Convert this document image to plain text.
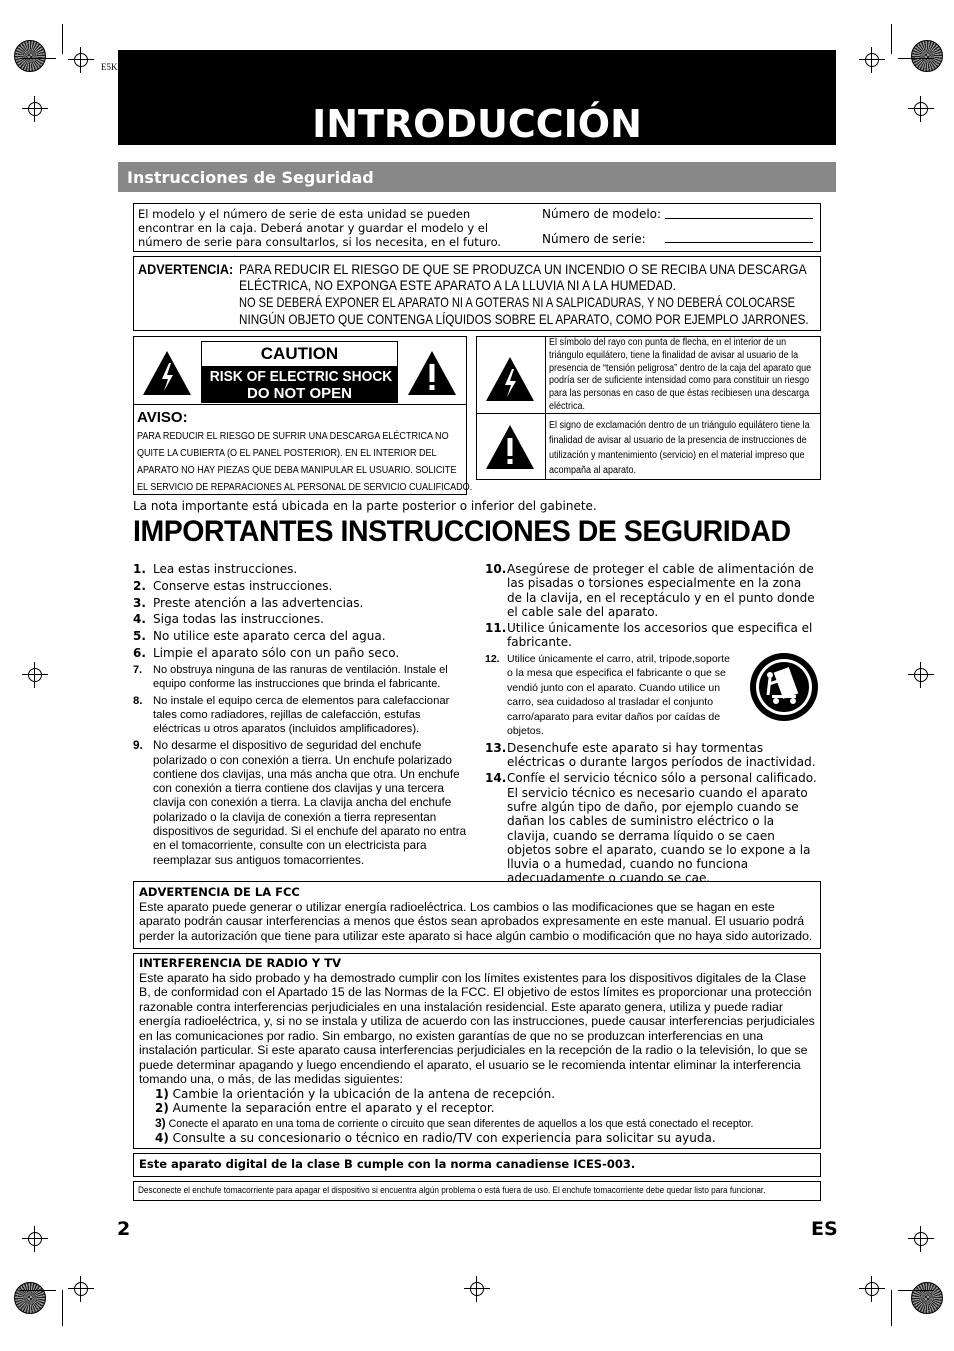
E5K
INTRODUCCIÓN
Instrucciones de Seguridad
El modelo y el número de serie de esta unidad se pueden encontrar en la caja. Deberá anotar y guardar el modelo y el número de serie para consultarlos, si los necesita, en el futuro.
Número de modelo:
Número de serie:
ADVERTENCIA: PARA REDUCIR EL RIESGO DE QUE SE PRODUZCA UN INCENDIO O SE RECIBA UNA DESCARGA
ELÉCTRICA, NO EXPONGA ESTE APARATO A LA LLUVIA NI A LA HUMEDAD.
NO SE DEBERÁ EXPONER EL APARATO NI A GOTERAS NI A SALPICADURAS, Y NO DEBERÁ COLOCARSE
NINGÚN OBJETO QUE CONTENGA LÍQUIDOS SOBRE EL APARATO, COMO POR EJEMPLO JARRONES.
CAUTION
RISK OF ELECTRIC SHOCK
DO NOT OPEN
AVISO:
PARA REDUCIR EL RIESGO DE SUFRIR UNA DESCARGA ELÉCTRICA NO
QUITE LA CUBIERTA (O EL PANEL POSTERIOR). EN EL INTERIOR DEL
APARATO NO HAY PIEZAS QUE DEBA MANIPULAR EL USUARIO. SOLICITE
EL SERVICIO DE REPARACIONES AL PERSONAL DE SERVICIO CUALIFICADO.
El símbolo del rayo con punta de flecha, en el interior de un triángulo equilátero, tiene la finalidad de avisar al usuario de la presencia de “tensión peligrosa” dentro de la caja del aparato que podría ser de suficiente intensidad como para constituir un riesgo para las personas en caso de que éstas recibiesen una descarga eléctrica.
El signo de exclamación dentro de un triángulo equilátero tiene la finalidad de avisar al usuario de la presencia de instrucciones de utilización y mantenimiento (servicio) en el material impreso que acompaña al aparato.
La nota importante está ubicada en la parte posterior o inferior del gabinete.
IMPORTANTES INSTRUCCIONES DE SEGURIDAD
1. Lea estas instrucciones.
2. Conserve estas instrucciones.
3. Preste atención a las advertencias.
4. Siga todas las instrucciones.
5. No utilice este aparato cerca del agua.
6. Limpie el aparato sólo con un paño seco.
7. No obstruya ninguna de las ranuras de ventilación. Instale el equipo conforme las instrucciones que brinda el fabricante.
8. No instale el equipo cerca de elementos para calefaccionar tales como radiadores, rejillas de calefacción, estufas eléctricas u otros aparatos (incluidos amplificadores).
9. No desarme el dispositivo de seguridad del enchufe polarizado o con conexión a tierra. Un enchufe polarizado contiene dos clavijas, una más ancha que otra. Un enchufe con conexión a tierra contiene dos clavijas y una tercera clavija con conexión a tierra. La clavija ancha del enchufe polarizado o la clavija de conexión a tierra representan dispositivos de seguridad. Si el enchufe del aparato no entra en el tomacorriente, consulte con un electricista para reemplazar sus antiguos tomacorrientes.
10. Asegúrese de proteger el cable de alimentación de las pisadas o torsiones especialmente en la zona de la clavija, en el receptáculo y en el punto donde el cable sale del aparato.
11. Utilice únicamente los accesorios que especifica el fabricante.
12. Utilice únicamente el carro, atril, trípode,soporte o la mesa que especifica el fabricante o que se vendió junto con el aparato. Cuando utilice un carro, sea cuidadoso al trasladar el conjunto carro/aparato para evitar daños por caídas de objetos.
13. Desenchufe este aparato si hay tormentas eléctricas o durante largos períodos de inactividad.
14. Confíe el servicio técnico sólo a personal calificado. El servicio técnico es necesario cuando el aparato sufre algún tipo de daño, por ejemplo cuando se dañan los cables de suministro eléctrico o la clavija, cuando se derrama líquido o se caen objetos sobre el aparato, cuando se lo expone a la lluvia o a humedad, cuando no funciona adecuadamente o cuando se cae.
ADVERTENCIA DE LA FCC
Este aparato puede generar o utilizar energía radioeléctrica. Los cambios o las modificaciones que se hagan en este aparato podrán causar interferencias a menos que éstos sean aprobados expresamente en este manual. El usuario podrá perder la autorización que tiene para utilizar este aparato si hace algún cambio o modificación que no haya sido autorizado.
INTERFERENCIA DE RADIO Y TV
Este aparato ha sido probado y ha demostrado cumplir con los límites existentes para los dispositivos digitales de la Clase B, de conformidad con el Apartado 15 de las Normas de la FCC. El objetivo de estos límites es proporcionar una protección razonable contra interferencias perjudiciales en una instalación residencial. Este aparato genera, utiliza y puede radiar energía radioeléctrica, y, si no se instala y utiliza de acuerdo con las instrucciones, puede causar interferencias perjudiciales en las comunicaciones por radio. Sin embargo, no existen garantías de que no se produzcan interferencias en una instalación particular. Si este aparato causa interferencias perjudiciales en la recepción de la radio o la televisión, lo que se puede determinar apagando y luego encendiendo el aparato, el usuario se le recomienda intentar eliminar la interferencia tomando una, o más, de las medidas siguientes:
1) Cambie la orientación y la ubicación de la antena de recepción.
2) Aumente la separación entre el aparato y el receptor.
3) Conecte el aparato en una toma de corriente o circuito que sean diferentes de aquellos a los que está conectado el receptor.
4) Consulte a su concesionario o técnico en radio/TV con experiencia para solicitar su ayuda.
Este aparato digital de la clase B cumple con la norma canadiense ICES-003.
Desconecte el enchufe tomacorriente para apagar el dispositivo si encuentra algún problema o está fuera de uso. El enchufe tomacorriente debe quedar listo para funcionar.
2	ES
